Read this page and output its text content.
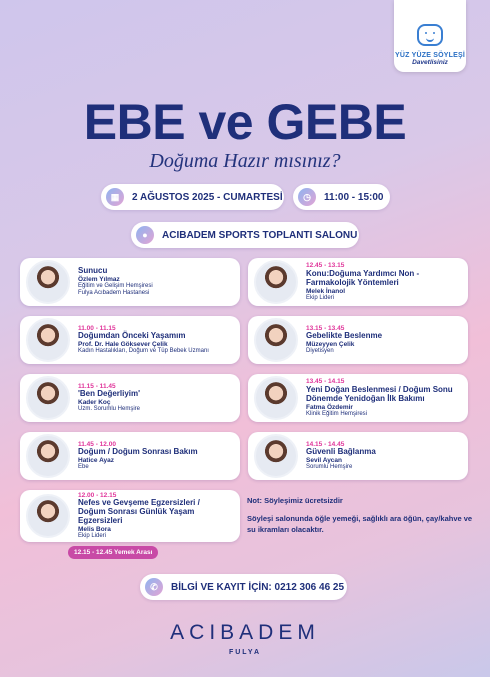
YÜZ YÜZE SÖYLEŞİ
Davetlisiniz
EBE ve GEBE
Doğuma Hazır mısınız?
▦	2 AĞUSTOS 2025 - CUMARTESİ	◷	11:00 - 15:00
●	ACIBADEM SPORTS TOPLANTI SALONU
Sunucu
Özlem Yılmaz
Eğitim ve Gelişim Hemşiresi
Fulya Acıbadem Hastanesi
11.00 - 11.15
Doğumdan Önceki Yaşamım
Prof. Dr. Hale Göksever Çelik
Kadın Hastalıkları, Doğum ve Tüp Bebek Uzmanı
11.15 - 11.45
'Ben Değerliyim'
Kader Koç
Uzm. Sorumlu Hemşire
11.45 - 12.00
Doğum / Doğum Sonrası Bakım
Hatice Ayaz
Ebe
12.00 - 12.15
Nefes ve Gevşeme Egzersizleri /
Doğum Sonrası Günlük Yaşam Egzersizleri
Melis Bora
Ekip Lideri
12.45 - 13.15
Konu:Doğuma Yardımcı Non -
Farmakolojik Yöntemleri
Melek İnanol
Ekip Lideri
13.15 - 13.45
Gebelikte Beslenme
Müzeyyen Çelik
Diyetisyen
13.45 - 14.15
Yeni Doğan Beslenmesi / Doğum Sonu
Dönemde Yenidoğan İlk Bakımı
Fatma Özdemir
Klinik Eğitim Hemşiresi
14.15 - 14.45
Güvenli Bağlanma
Sevil Aycan
Sorumlu Hemşire
Not: Söyleşimiz ücretsizdir
Söyleşi salonunda öğle yemeği, sağlıklı ara öğün, çay/kahve ve su ikramları olacaktır.
12.15 - 12.45 Yemek Arası
✆	BİLGİ VE KAYIT İÇİN: 0212 306 46 25
ACIBADEM
FULYA
